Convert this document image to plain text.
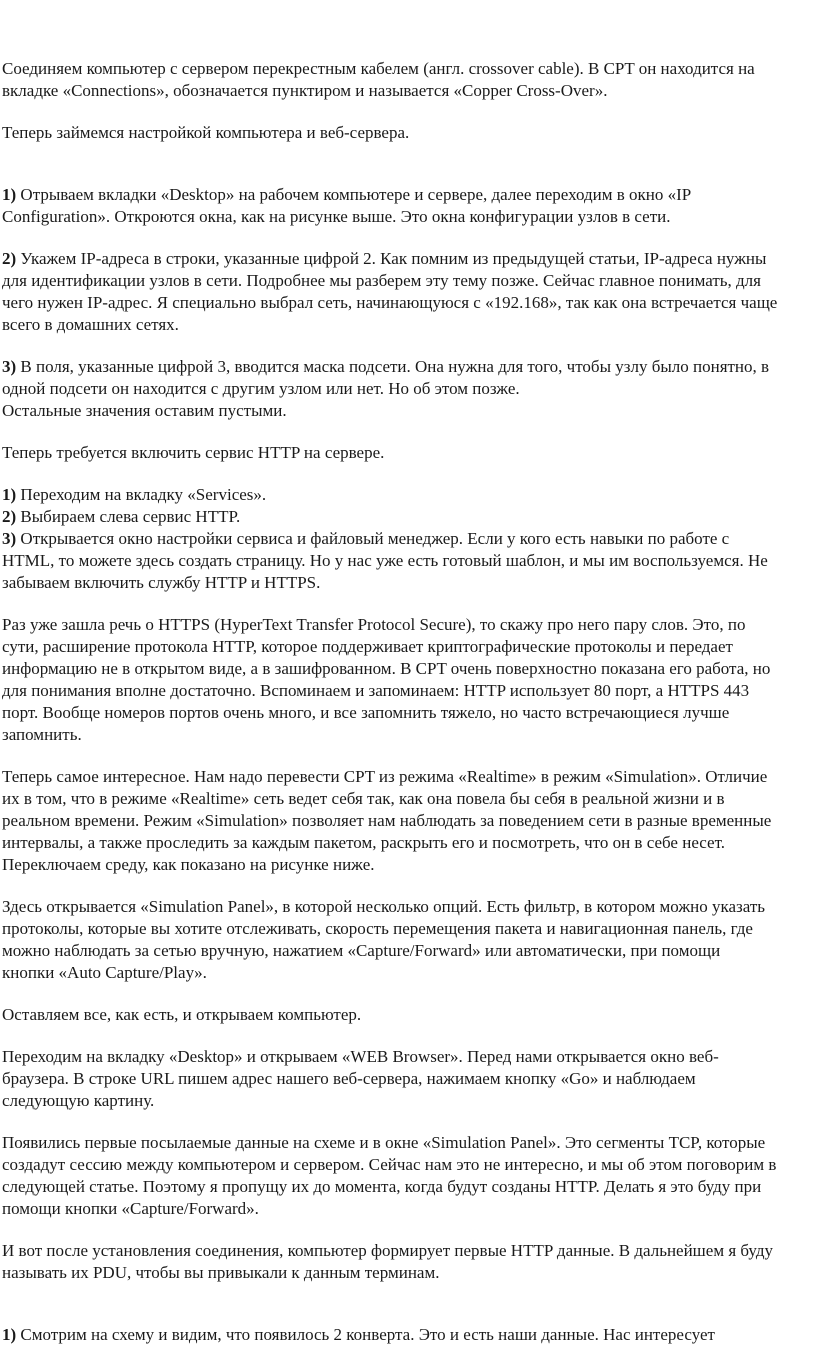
Соединяем компьютер с сервером перекрестным кабелем (англ. crossover cable). В CPT он находится на
вкладке «Connections», обозначается пунктиром и называется «Copper Cross-Over».

Теперь займемся настройкой компьютера и веб-сервера.

1) Отрываем вкладки «Desktop» на рабочем компьютере и сервере, далее переходим в окно «IP
Configuration». Откроются окна, как на рисунке выше. Это окна конфигурации узлов в сети.

2) Укажем IP-адреса в строки, указанные цифрой 2. Как помним из предыдущей статьи, IP-адреса нужны
для идентификации узлов в сети. Подробнее мы разберем эту тему позже. Сейчас главное понимать, для
чего нужен IP-адрес. Я специально выбрал сеть, начинающуюся с «192.168», так как она встречается чаще
всего в домашних сетях.

3) В поля, указанные цифрой 3, вводится маска подсети. Она нужна для того, чтобы узлу было понятно, в
одной подсети он находится с другим узлом или нет. Но об этом позже.
Остальные значения оставим пустыми.

Теперь требуется включить сервис HTTP на сервере.

1) Переходим на вкладку «Services».
2) Выбираем слева сервис HTTP.
3) Открывается окно настройки сервиса и файловый менеджер. Если у кого есть навыки по работе с
HTML, то можете здесь создать страницу. Но у нас уже есть готовый шаблон, и мы им воспользуемся. Не
забываем включить службу HTTP и HTTPS.

Раз уже зашла речь о HTTPS (HyperText Transfer Protocol Secure), то скажу про него пару слов. Это, по
сути, расширение протокола HTTP, которое поддерживает криптографические протоколы и передает
информацию не в открытом виде, а в зашифрованном. В CPT очень поверхностно показана его работа, но
для понимания вполне достаточно. Вспоминаем и запоминаем: HTTP использует 80 порт, а HTTPS 443
порт. Вообще номеров портов очень много, и все запомнить тяжело, но часто встречающиеся лучше
запомнить.

Теперь самое интересное. Нам надо перевести CPT из режима «Realtime» в режим «Simulation». Отличие
их в том, что в режиме «Realtime» сеть ведет себя так, как она повела бы себя в реальной жизни и в
реальном времени. Режим «Simulation» позволяет нам наблюдать за поведением сети в разные временные
интервалы, а также проследить за каждым пакетом, раскрыть его и посмотреть, что он в себе несет.
Переключаем среду, как показано на рисунке ниже.

Здесь открывается «Simulation Panel», в которой несколько опций. Есть фильтр, в котором можно указать
протоколы, которые вы хотите отслеживать, скорость перемещения пакета и навигационная панель, где
можно наблюдать за сетью вручную, нажатием «Capture/Forward» или автоматически, при помощи
кнопки «Auto Capture/Play».

Оставляем все, как есть, и открываем компьютер.

Переходим на вкладку «Desktop» и открываем «WEB Browser». Перед нами открывается окно веб-
браузера. В строке URL пишем адрес нашего веб-сервера, нажимаем кнопку «Go» и наблюдаем
следующую картину.

Появились первые посылаемые данные на схеме и в окне «Simulation Panel». Это сегменты TCP, которые
создадут сессию между компьютером и сервером. Сейчас нам это не интересно, и мы об этом поговорим в
следующей статье. Поэтому я пропущу их до момента, когда будут созданы HTTP. Делать я это буду при
помощи кнопки «Capture/Forward».

И вот после установления соединения, компьютер формирует первые HTTP данные. В дальнейшем я буду
называть их PDU, чтобы вы привыкали к данным терминам.

1) Смотрим на схему и видим, что появилось 2 конверта. Это и есть наши данные. Нас интересует
